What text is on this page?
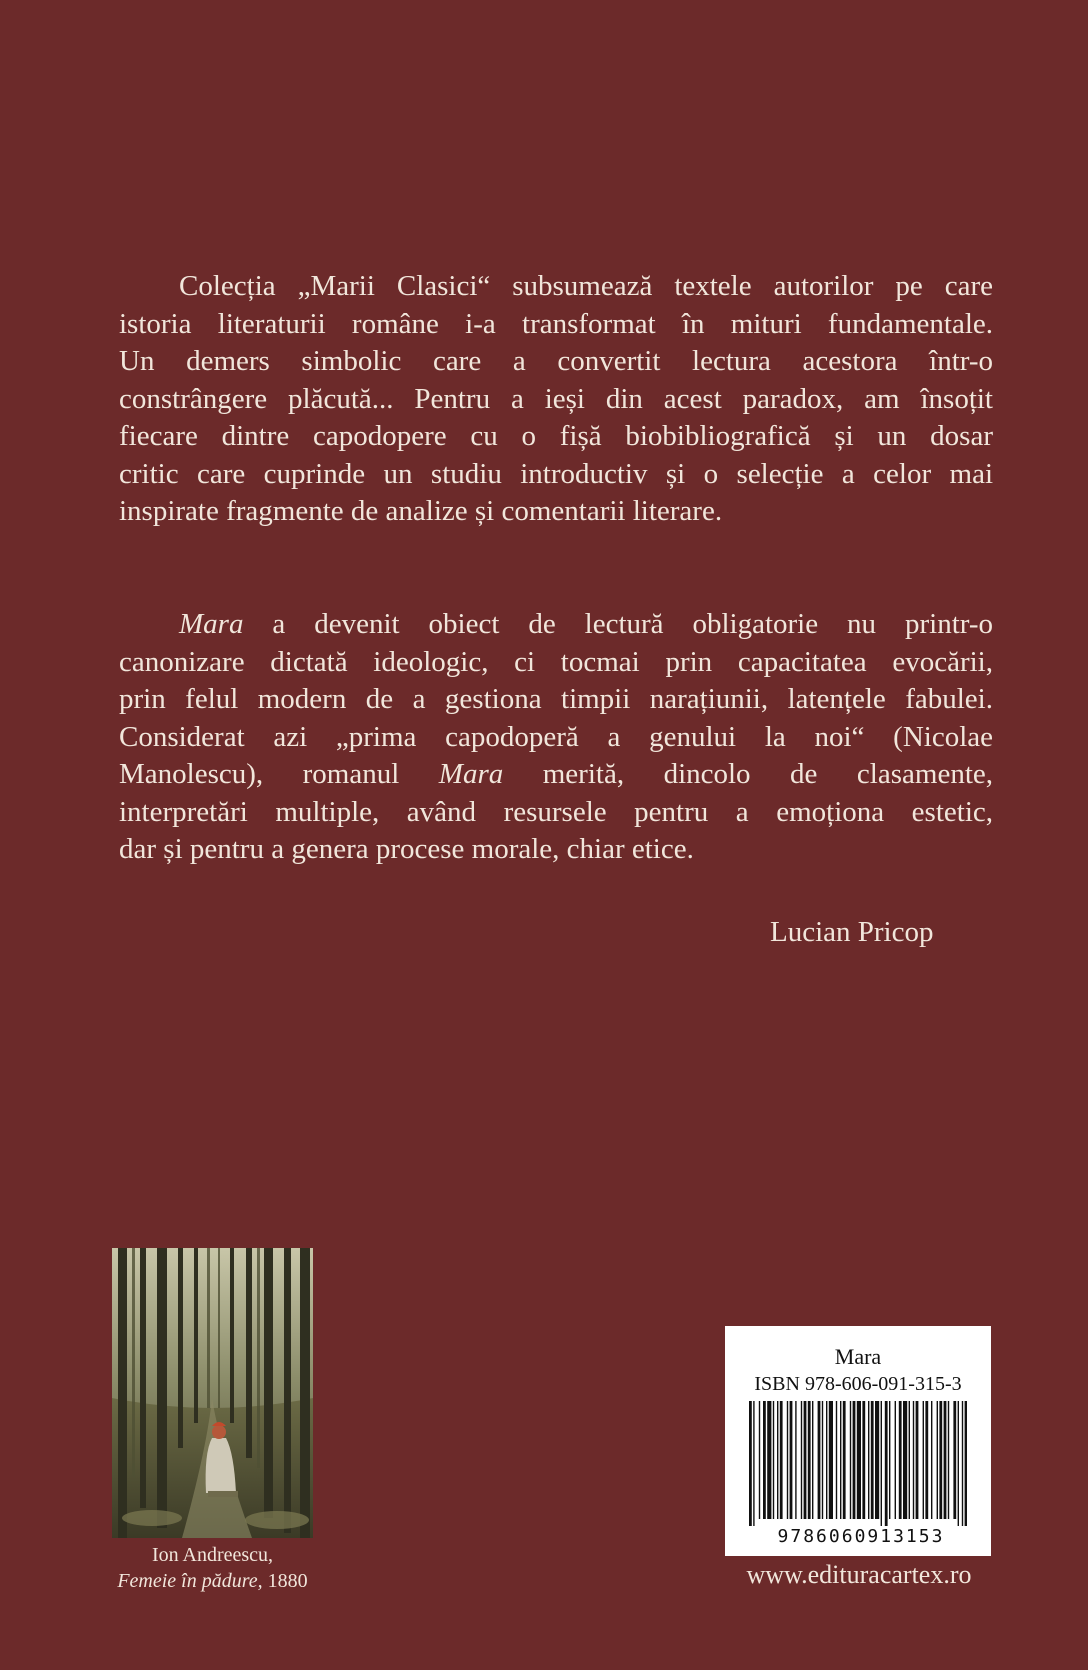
Colecția „Marii Clasici“ subsumează textele autorilor pe care
istoria literaturii române i-a transformat în mituri fundamentale.
Un demers simbolic care a convertit lectura acestora într-o
constrângere plăcută... Pentru a ieși din acest paradox, am însoțit
fiecare dintre capodopere cu o fișă biobibliografică și un dosar
critic care cuprinde un studiu introductiv și o selecție a celor mai
inspirate fragmente de analize și comentarii literare.
Mara a devenit obiect de lectură obligatorie nu printr-o
canonizare dictată ideologic, ci tocmai prin capacitatea evocării,
prin felul modern de a gestiona timpii narațiunii, latențele fabulei.
Considerat azi „prima capodoperă a genului la noi“ (Nicolae
Manolescu), romanul Mara merită, dincolo de clasamente,
interpretări multiple, având resursele pentru a emoționa estetic,
dar și pentru a genera procese morale, chiar etice.

Lucian Pricop

Ion Andreescu,
Femeie în pădure, 1880
Mara
ISBN 978-606-091-315-3
9786060913153
www.edituracartex.ro
